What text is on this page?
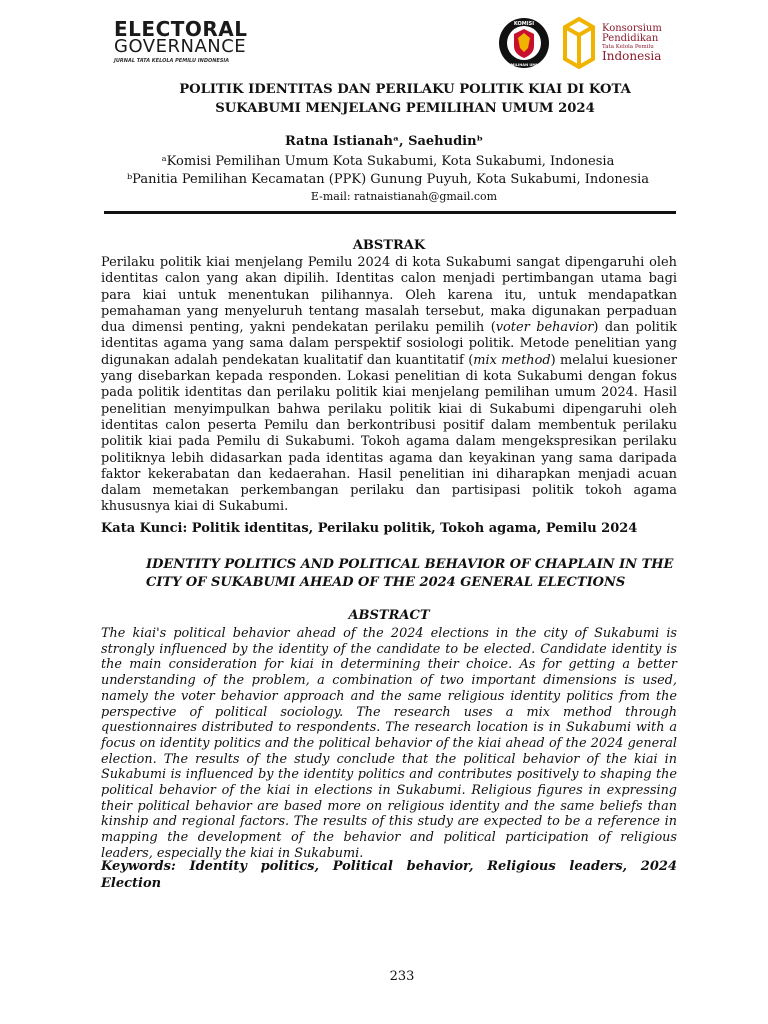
ELECTORAL
GOVERNANCE
JURNAL TATA KELOLA PEMILU INDONESIA
KOMISI
PEMILIHAN UMUM
Konsorsium
Pendidikan
Tata Kelola Pemilu
Indonesia
POLITIK IDENTITAS DAN PERILAKU POLITIK KIAI DI KOTA
SUKABUMI MENJELANG PEMILIHAN UMUM 2024
Ratna Istianahᵃ, Saehudinᵇ
ᵃKomisi Pemilihan Umum Kota Sukabumi, Kota Sukabumi, Indonesia
ᵇPanitia Pemilihan Kecamatan (PPK) Gunung Puyuh, Kota Sukabumi, Indonesia
E-mail: ratnaistianah@gmail.com
ABSTRAK

Perilaku politik kiai menjelang Pemilu 2024 di kota Sukabumi sangat dipengaruhi oleh identitas calon yang akan dipilih. Identitas calon menjadi pertimbangan utama bagi para kiai untuk menentukan pilihannya. Oleh karena itu, untuk mendapatkan pemahaman yang menyeluruh tentang masalah tersebut, maka digunakan perpaduan dua dimensi penting, yakni pendekatan perilaku pemilih (voter behavior) dan politik identitas agama yang sama dalam perspektif sosiologi politik. Metode penelitian yang digunakan adalah pendekatan kualitatif dan kuantitatif (mix method) melalui kuesioner yang disebarkan kepada responden. Lokasi penelitian di kota Sukabumi dengan fokus pada politik identitas dan perilaku politik kiai menjelang pemilihan umum 2024. Hasil penelitian menyimpulkan bahwa perilaku politik kiai di Sukabumi dipengaruhi oleh identitas calon peserta Pemilu dan berkontribusi positif dalam membentuk perilaku politik kiai pada Pemilu di Sukabumi. Tokoh agama dalam mengekspresikan perilaku politiknya lebih didasarkan pada identitas agama dan keyakinan yang sama daripada faktor kekerabatan dan kedaerahan. Hasil penelitian ini diharapkan menjadi acuan dalam memetakan perkembangan perilaku dan partisipasi politik tokoh agama khususnya kiai di Sukabumi.

Kata Kunci: Politik identitas, Perilaku politik, Tokoh agama, Pemilu 2024
IDENTITY POLITICS AND POLITICAL BEHAVIOR OF CHAPLAIN IN THE
CITY OF SUKABUMI AHEAD OF THE 2024 GENERAL ELECTIONS
ABSTRACT
The kiai's political behavior ahead of the 2024 elections in the city of Sukabumi is strongly influenced by the identity of the candidate to be elected. Candidate identity is the main consideration for kiai in determining their choice. As for getting a better understanding of the problem, a combination of two important dimensions is used, namely the voter behavior approach and the same religious identity politics from the perspective of political sociology. The research uses a mix method through questionnaires distributed to respondents. The research location is in Sukabumi with a focus on identity politics and the political behavior of the kiai ahead of the 2024 general election. The results of the study conclude that the political behavior of the kiai in Sukabumi is influenced by the identity politics and contributes positively to shaping the political behavior of the kiai in elections in Sukabumi. Religious figures in expressing their political behavior are based more on religious identity and the same beliefs than kinship and regional factors. The results of this study are expected to be a reference in mapping the development of the behavior and political participation of religious leaders, especially the kiai in Sukabumi.
Keywords: Identity politics, Political behavior, Religious leaders, 2024 Election
233
